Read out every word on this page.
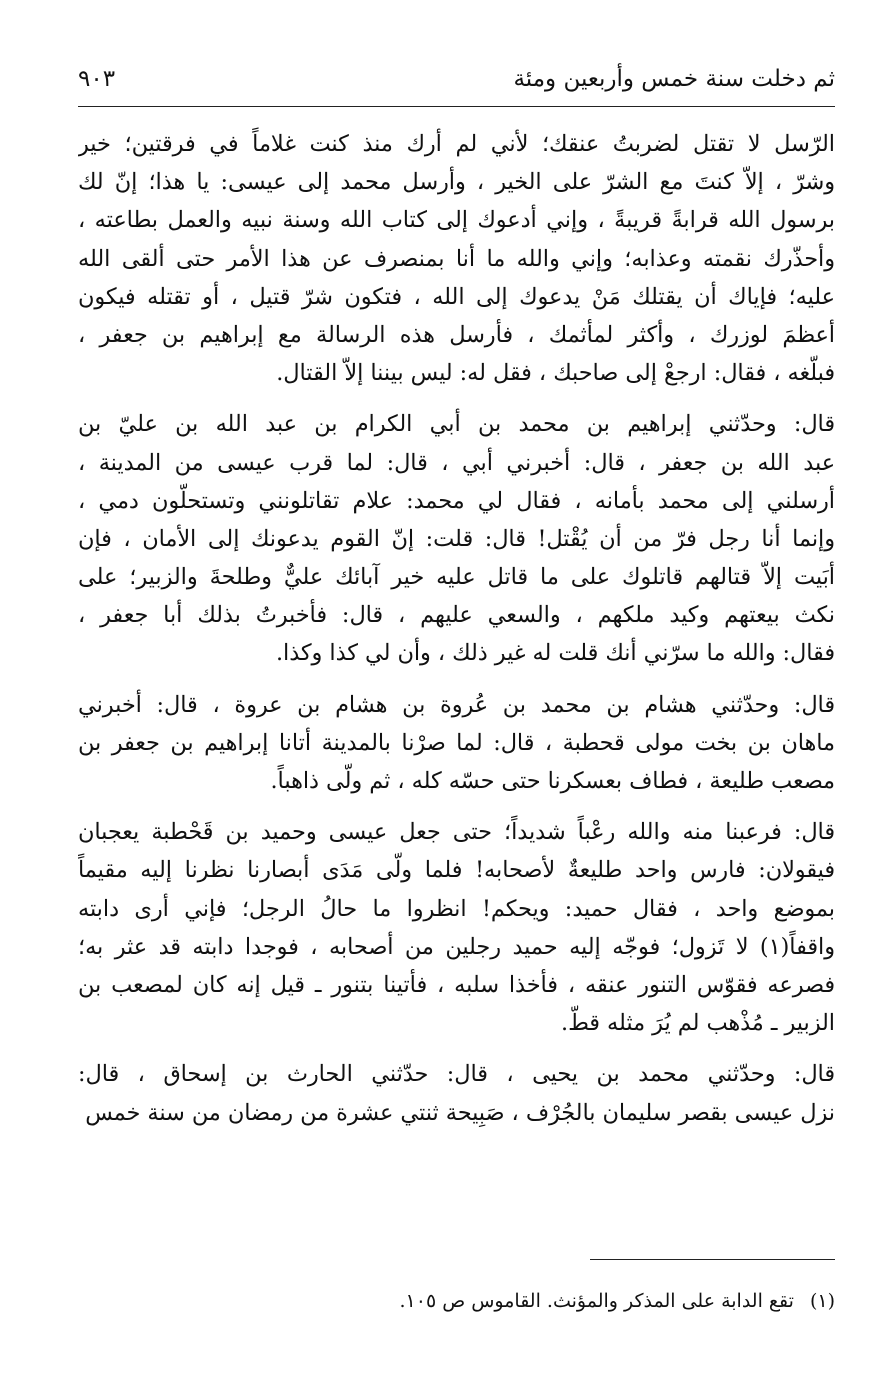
ثم دخلت سنة خمس وأربعين ومئة
٩٠٣
الرّسل لا تقتل لضربتُ عنقك؛ لأني لم أرك منذ كنت غلاماً في فرقتين؛ خير
وشرّ ، إلاّ كنتَ مع الشرّ على الخير ، وأرسل محمد إلى عيسى: يا هذا؛ إنّ لك
برسول الله قرابةً قريبةً ، وإني أدعوك إلى كتاب الله وسنة نبيه والعمل بطاعته ،
وأحذّرك نقمته وعذابه؛ وإني والله ما أنا بمنصرف عن هذا الأمر حتى ألقى الله
عليه؛ فإياك أن يقتلك مَنْ يدعوك إلى الله ، فتكون شرّ قتيل ، أو تقتله فيكون
أعظمَ لوزرك ، وأكثر لمأثمك ، فأرسل هذه الرسالة مع إبراهيم بن جعفر ،
فبلّغه ، فقال: ارجعْ إلى صاحبك ، فقل له: ليس بيننا إلاّ القتال.
قال: وحدّثني إبراهيم بن محمد بن أبي الكرام بن عبد الله بن عليّ بن
عبد الله بن جعفر ، قال: أخبرني أبي ، قال: لما قرب عيسى من المدينة ،
أرسلني إلى محمد بأمانه ، فقال لي محمد: علام تقاتلونني وتستحلّون دمي ،
وإنما أنا رجل فرّ من أن يُقْتل! قال: قلت: إنّ القوم يدعونك إلى الأمان ، فإن
أبَيت إلاّ قتالهم قاتلوك على ما قاتل عليه خير آبائك عليٌّ وطلحةَ والزبير؛ على
نكث بيعتهم وكيد ملكهم ، والسعي عليهم ، قال: فأخبرتُ بذلك أبا جعفر ،
فقال: والله ما سرّني أنك قلت له غير ذلك ، وأن لي كذا وكذا.
قال: وحدّثني هشام بن محمد بن عُروة بن هشام بن عروة ، قال: أخبرني
ماهان بن بخت مولى قحطبة ، قال: لما صرْنا بالمدينة أتانا إبراهيم بن جعفر بن
مصعب طليعة ، فطاف بعسكرنا حتى حسّه كله ، ثم ولّى ذاهباً.
قال: فرعبنا منه والله رعْباً شديداً؛ حتى جعل عيسى وحميد بن قَحْطبة يعجبان
فيقولان: فارس واحد طليعةٌ لأصحابه! فلما ولّى مَدَى أبصارنا نظرنا إليه مقيماً
بموضع واحد ، فقال حميد: ويحكم! انظروا ما حالُ الرجل؛ فإني أرى دابته
واقفاً(١) لا تَزول؛ فوجّه إليه حميد رجلين من أصحابه ، فوجدا دابته قد عثر به؛
فصرعه فقوّس التنور عنقه ، فأخذا سلبه ، فأتينا بتنور ـ قيل إنه كان لمصعب بن
الزبير ـ مُذْهب لم يُرَ مثله قطّ.
قال: وحدّثني محمد بن يحيى ، قال: حدّثني الحارث بن إسحاق ، قال:
نزل عيسى بقصر سليمان بالجُرْف ، صَبِيحة ثنتي عشرة من رمضان من سنة خمس
(١)تقع الدابة على المذكر والمؤنث. القاموس ص ١٠٥.
